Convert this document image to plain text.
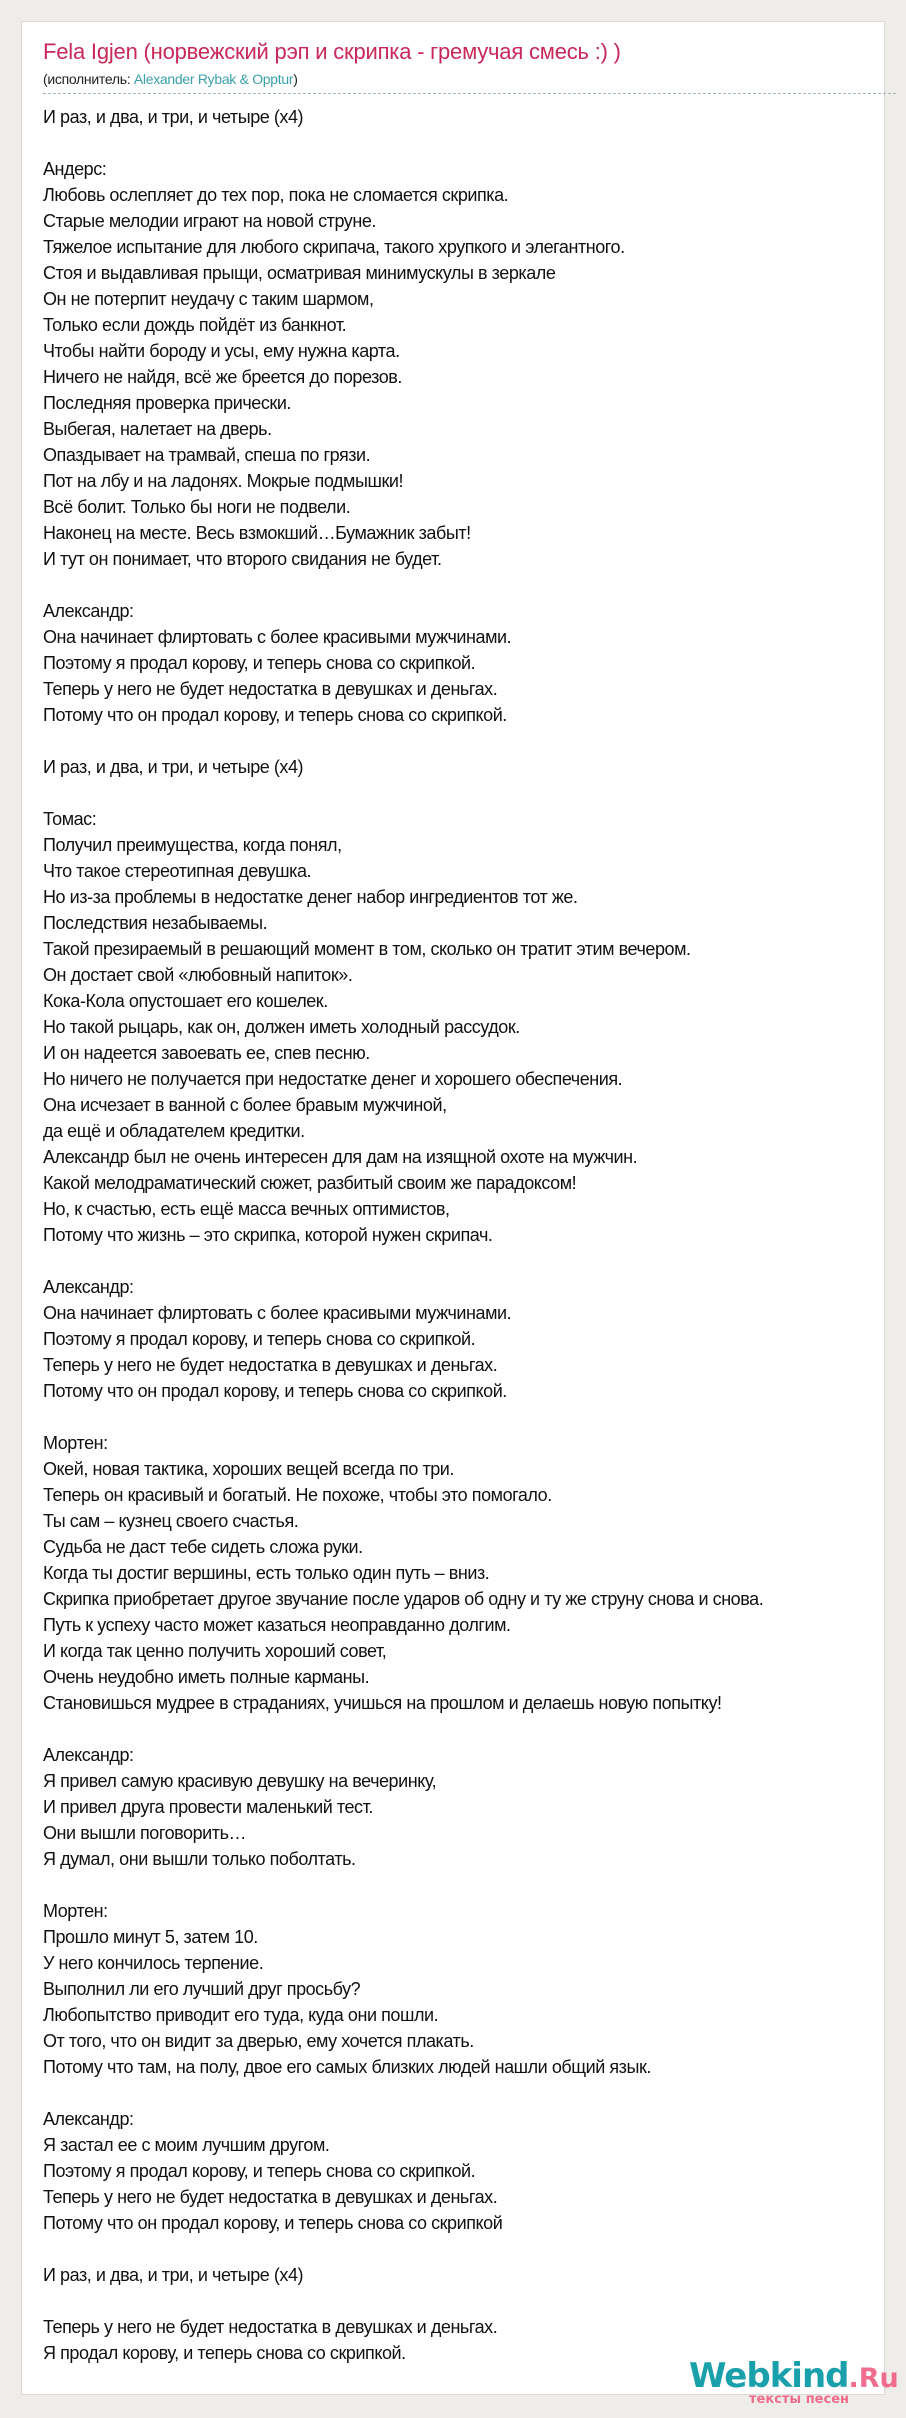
Fela Igjen (норвежский рэп и скрипка - гремучая смесь :) )
(исполнитель: Alexander Rybak & Opptur)
И раз, и два, и три, и четыре (x4)
Андерс:
Любовь ослепляет до тех пор, пока не сломается скрипка.
Старые мелодии играют на новой струне.
Тяжелое испытание для любого скрипача, такого хрупкого и элегантного.
Стоя и выдавливая прыщи, осматривая минимускулы в зеркале
Он не потерпит неудачу с таким шармом,
Только если дождь пойдёт из банкнот.
Чтобы найти бороду и усы, ему нужна карта.
Ничего не найдя, всё же бреется до порезов.
Последняя проверка прически.
Выбегая, налетает на дверь.
Опаздывает на трамвай, спеша по грязи.
Пот на лбу и на ладонях. Мокрые подмышки!
Всё болит. Только бы ноги не подвели.
Наконец на месте. Весь взмокший…Бумажник забыт!
И тут он понимает, что второго свидания не будет.
Александр:
Она начинает флиртовать с более красивыми мужчинами.
Поэтому я продал корову, и теперь снова со скрипкой.
Теперь у него не будет недостатка в девушках и деньгах.
Потому что он продал корову, и теперь снова со скрипкой.
И раз, и два, и три, и четыре (x4)
Томас:
Получил преимущества, когда понял,
Что такое стереотипная девушка.
Но из-за проблемы в недостатке денег набор ингредиентов тот же.
Последствия незабываемы.
Такой презираемый в решающий момент в том, сколько он тратит этим вечером.
Он достает свой «любовный напиток».
Кока-Кола опустошает его кошелек.
Но такой рыцарь, как он, должен иметь холодный рассудок.
И он надеется завоевать ее, спев песню.
Но ничего не получается при недостатке денег и хорошего обеспечения.
Она исчезает в ванной с более бравым мужчиной,
да ещё и обладателем кредитки.
Александр был не очень интересен для дам на изящной охоте на мужчин.
Какой мелодраматический сюжет, разбитый своим же парадоксом!
Но, к счастью, есть ещё масса вечных оптимистов,
Потому что жизнь – это скрипка, которой нужен скрипач.
Александр:
Она начинает флиртовать с более красивыми мужчинами.
Поэтому я продал корову, и теперь снова со скрипкой.
Теперь у него не будет недостатка в девушках и деньгах.
Потому что он продал корову, и теперь снова со скрипкой.
Мортен:
Окей, новая тактика, хороших вещей всегда по три.
Теперь он красивый и богатый. Не похоже, чтобы это помогало.
Ты сам – кузнец своего счастья.
Судьба не даст тебе сидеть сложа руки.
Когда ты достиг вершины, есть только один путь – вниз.
Скрипка приобретает другое звучание после ударов об одну и ту же струну снова и снова.
Путь к успеху часто может казаться неоправданно долгим.
И когда так ценно получить хороший совет,
Очень неудобно иметь полные карманы.
Становишься мудрее в страданиях, учишься на прошлом и делаешь новую попытку!
Александр:
Я привел самую красивую девушку на вечеринку,
И привел друга провести маленький тест.
Они вышли поговорить…
Я думал, они вышли только поболтать.
Мортен:
Прошло минут 5, затем 10.
У него кончилось терпение.
Выполнил ли его лучший друг просьбу?
Любопытство приводит его туда, куда они пошли.
От того, что он видит за дверью, ему хочется плакать.
Потому что там, на полу, двое его самых близких людей нашли общий язык.
Александр:
Я застал ее с моим лучшим другом.
Поэтому я продал корову, и теперь снова со скрипкой.
Теперь у него не будет недостатка в девушках и деньгах.
Потому что он продал корову, и теперь снова со скрипкой
И раз, и два, и три, и четыре (x4)
Теперь у него не будет недостатка в девушках и деньгах.
Я продал корову, и теперь снова со скрипкой.
Webkind.Ru
тексты песен
